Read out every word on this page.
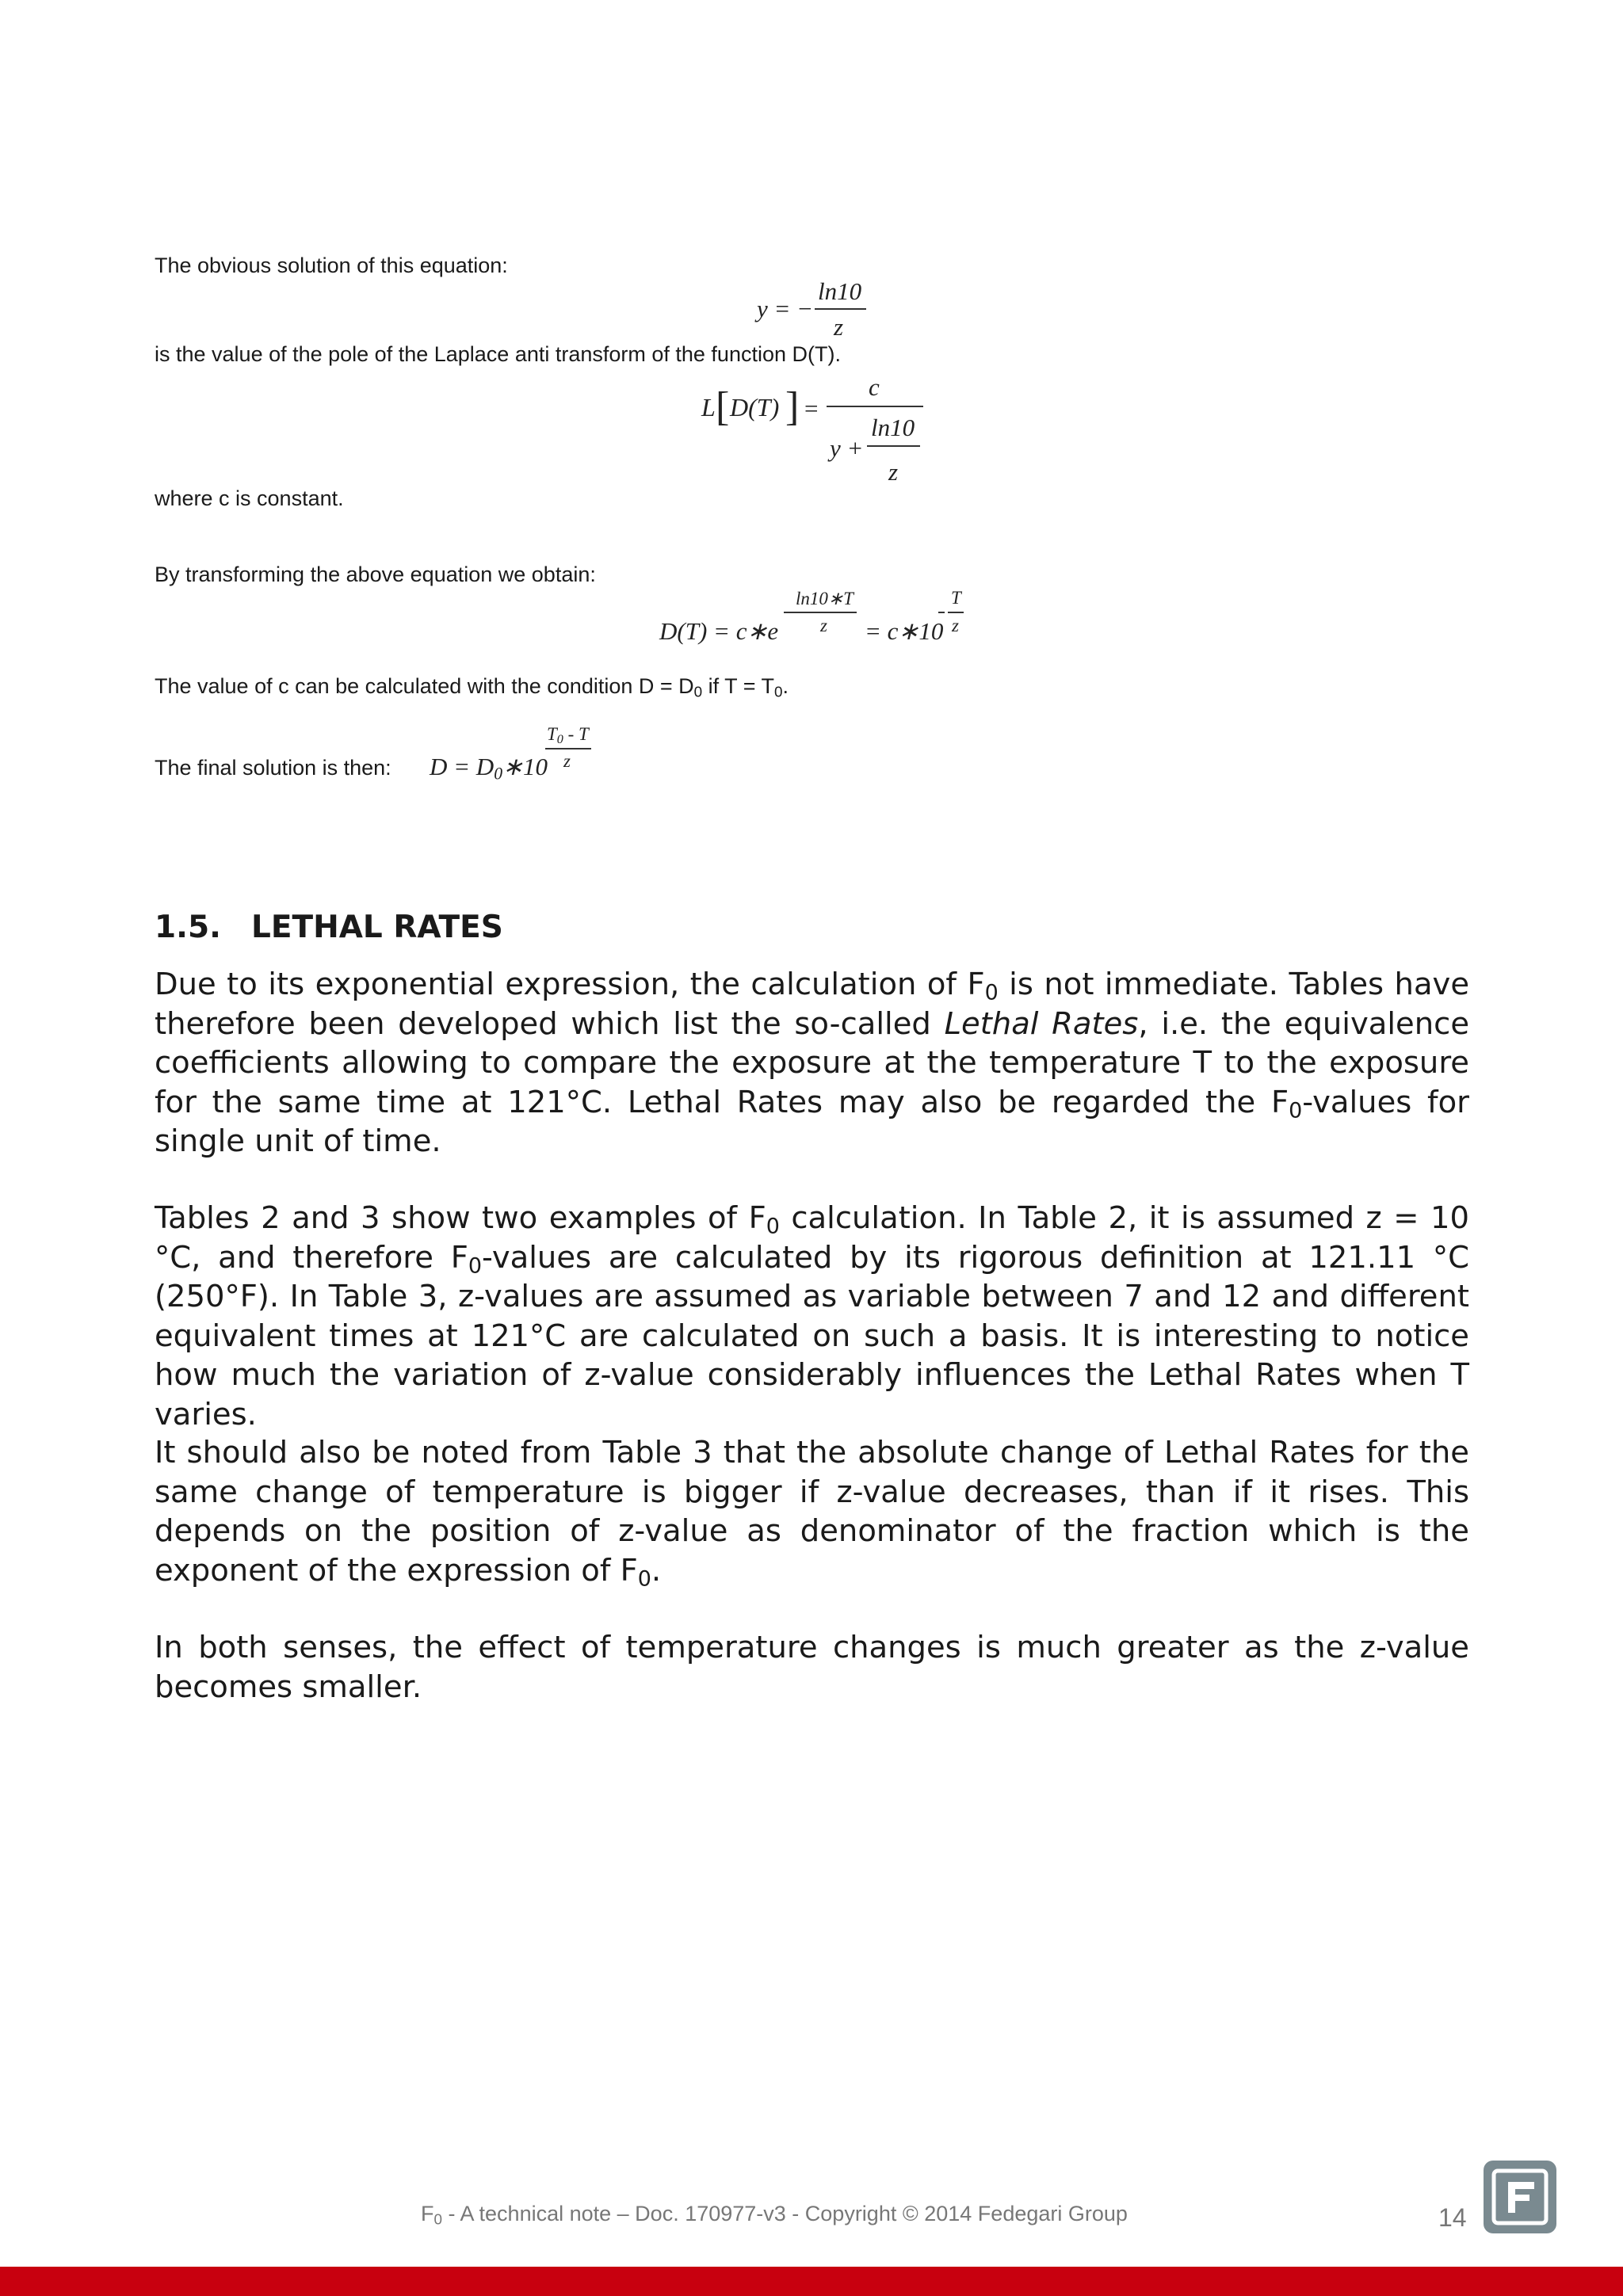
The obvious solution of this equation:
y = −
ln10
z
is the value of the pole of the Laplace anti transform of the function D(T).
L [ D(T) ] =
c
y +
ln10
z
where c is constant.
By transforming the above equation we obtain:
D(T) = c∗e
ln10∗T
z = c∗10
T
z
The value of c can be calculated with the condition $D = D_0$ if $T = T_0$.
The final solution is then: $D = D_0∗10$
$T_0$ - T
z
1.5. LETHAL RATES
Due to its exponential expression, the calculation of $F_0$ is not immediate. Tables have therefore been developed which list the so-called Lethal Rates, i.e. the equivalence coefficients allowing to compare the exposure at the temperature T to the exposure for the same time at 121°C. Lethal Rates may also be regarded the $F_0$-values for single unit of time.
Tables 2 and 3 show two examples of $F_0$ calculation. In Table 2, it is assumed z = 10 °C, and therefore $F_0$-values are calculated by its rigorous definition at 121.11 °C (250°F). In Table 3, z-values are assumed as variable between 7 and 12 and different equivalent times at 121°C are calculated on such a basis. It is interesting to notice how much the variation of z-value considerably influences the Lethal Rates when T varies.
It should also be noted from Table 3 that the absolute change of Lethal Rates for the same change of temperature is bigger if z-value decreases, than if it rises. This depends on the position of z-value as denominator of the fraction which is the exponent of the expression of $F_0$.
In both senses, the effect of temperature changes is much greater as the z-value becomes smaller.
$F_0$ - A technical note – Doc. 170977-v3 - Copyright © 2014 Fedegari Group	14
